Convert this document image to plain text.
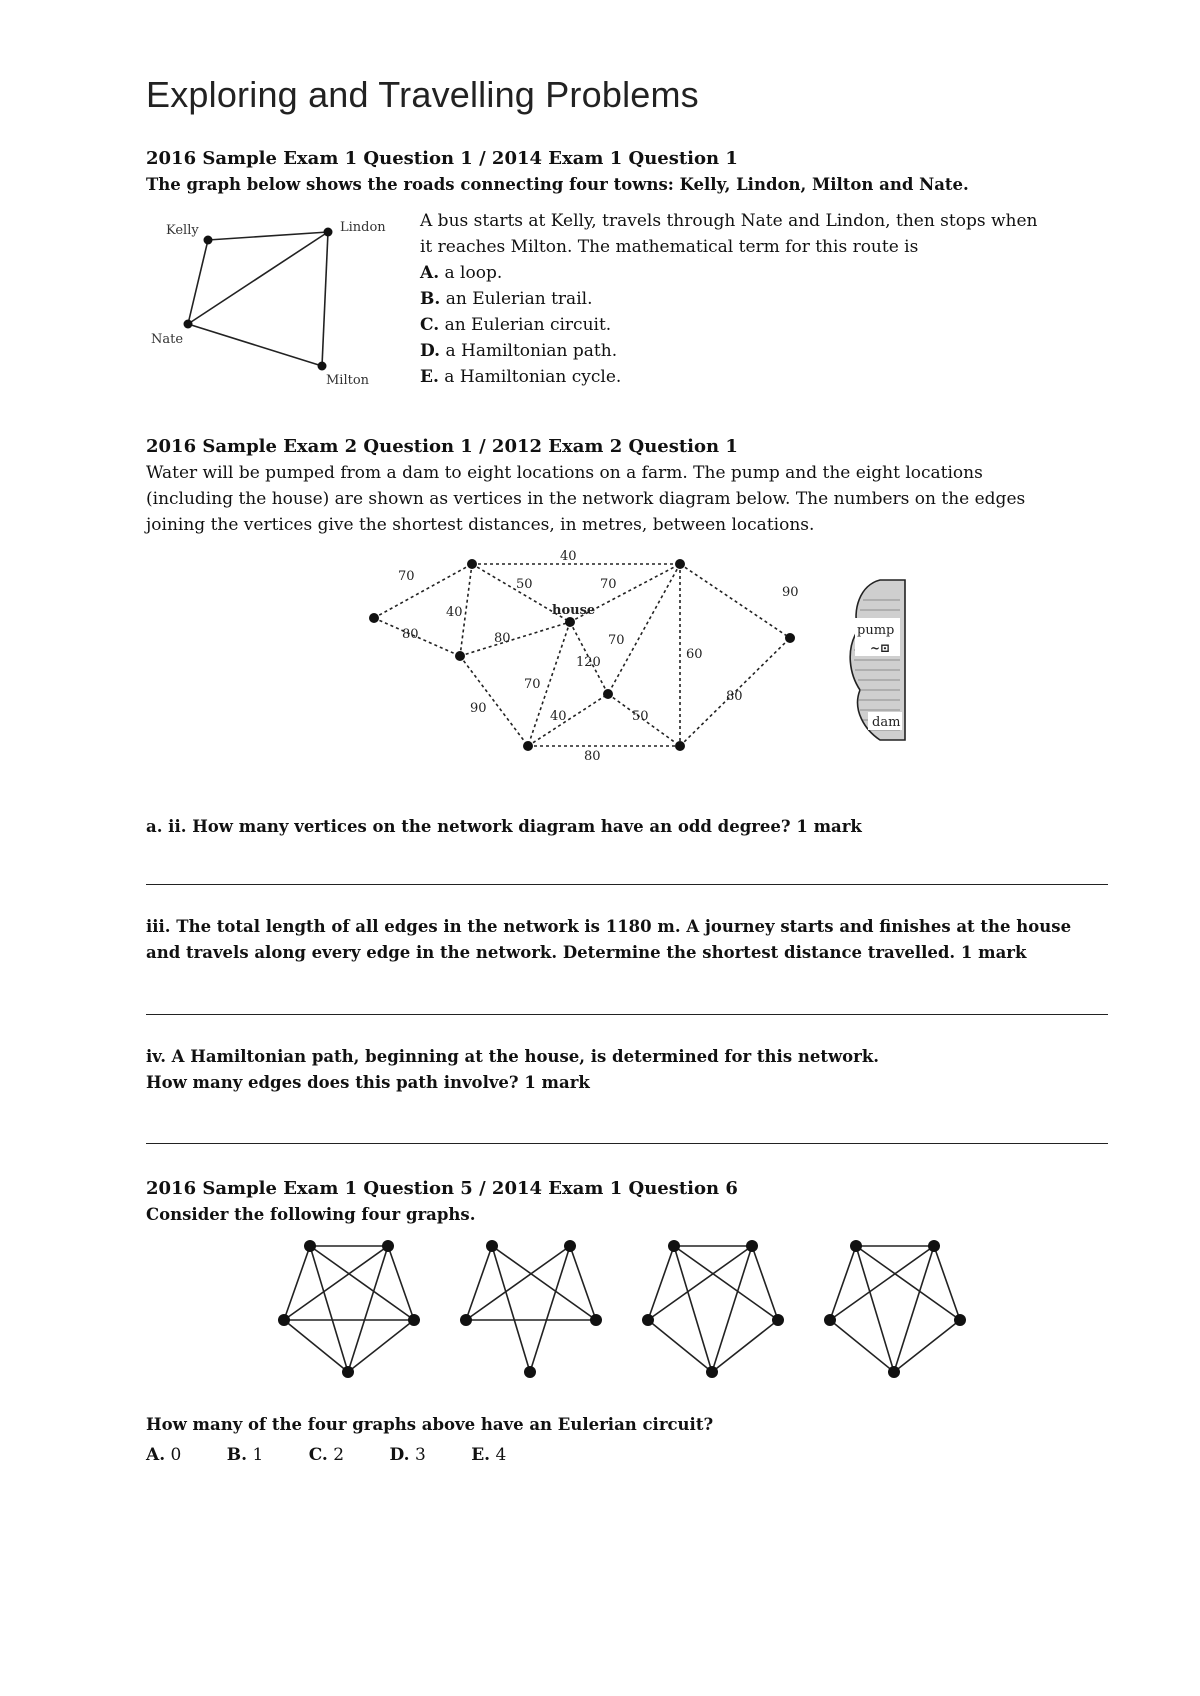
Exploring and Travelling Problems
2016 Sample Exam 1 Question 1 / 2014 Exam 1 Question 1
The graph below shows the roads connecting four towns: Kelly, Lindon, Milton and Nate.
Kelly	Lindon
Nate
Milton
A bus starts at Kelly, travels through Nate and Lindon, then stops when
it reaches Milton. The mathematical term for this route is
A. a loop.
B. an Eulerian trail.
C. an Eulerian circuit.
D. a Hamiltonian path.
E. a Hamiltonian cycle.
2016 Sample Exam 2 Question 1 / 2012 Exam 2 Question 1
Water will be pumped from a dam to eight locations on a farm. The pump and the eight locations
(including the house) are shown as vertices in the network diagram below. The numbers on the edges
joining the vertices give the shortest distances, in metres, between locations.
pump
~⊡
dam
house
40
70
80
50	70
40
80
90
70
120
60
70
80
40	50
90
80
a. ii. How many vertices on the network diagram have an odd degree? 1 mark
iii. The total length of all edges in the network is 1180 m. A journey starts and finishes at the house
and travels along every edge in the network. Determine the shortest distance travelled. 1 mark
iv. A Hamiltonian path, beginning at the house, is determined for this network.
How many edges does this path involve? 1 mark
2016 Sample Exam 1 Question 5 / 2014 Exam 1 Question 6
Consider the following four graphs.
How many of the four graphs above have an Eulerian circuit?
A. 0	B. 1	C. 2	D. 3	E. 4
